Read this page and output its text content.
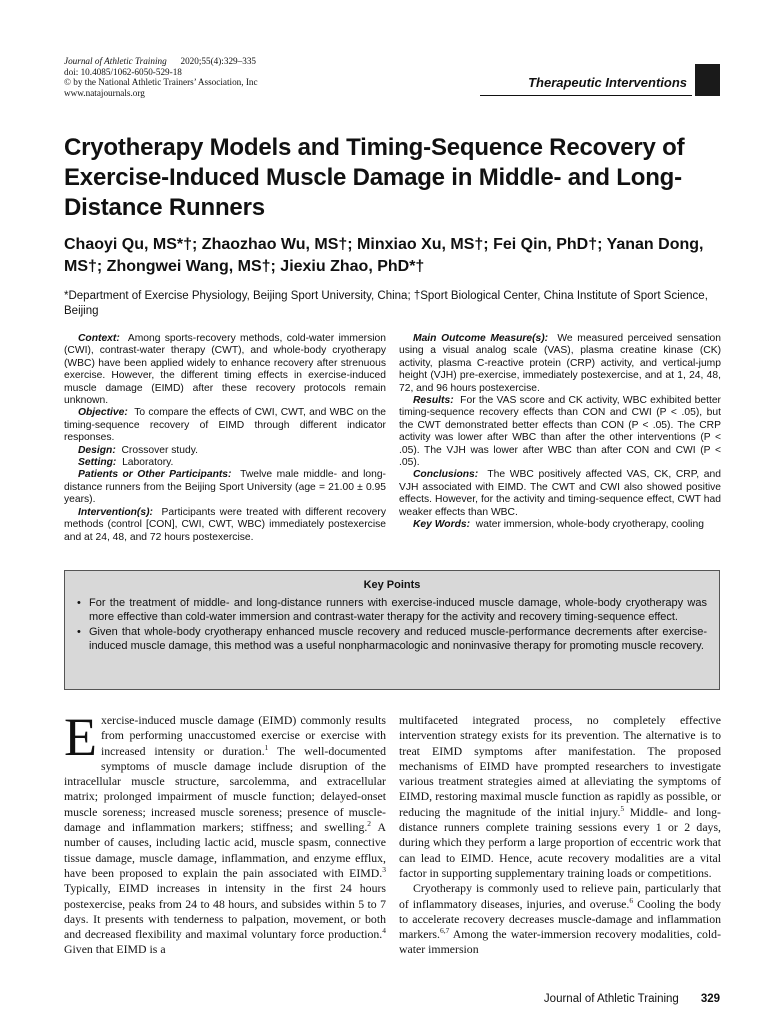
Journal of Athletic Training 2020;55(4):329–335
doi: 10.4085/1062-6050-529-18
© by the National Athletic Trainers’ Association, Inc
www.natajournals.org
Therapeutic Interventions
Cryotherapy Models and Timing-Sequence Recovery of Exercise-Induced Muscle Damage in Middle- and Long-Distance Runners
Chaoyi Qu, MS*†; Zhaozhao Wu, MS†; Minxiao Xu, MS†; Fei Qin, PhD†; Yanan Dong, MS†; Zhongwei Wang, MS†; Jiexiu Zhao, PhD*†
*Department of Exercise Physiology, Beijing Sport University, China; †Sport Biological Center, China Institute of Sport Science, Beijing

Context: Among sports-recovery methods, cold-water immersion (CWI), contrast-water therapy (CWT), and whole-body cryotherapy (WBC) have been applied widely to enhance recovery after strenuous exercise. However, the different timing effects in exercise-induced muscle damage (EIMD) after these recovery protocols remain unknown.

Objective: To compare the effects of CWI, CWT, and WBC on the timing-sequence recovery of EIMD through different indicator responses.

Design: Crossover study.

Setting: Laboratory.

Patients or Other Participants: Twelve male middle- and long-distance runners from the Beijing Sport University (age = 21.00 ± 0.95 years).

Intervention(s): Participants were treated with different recovery methods (control [CON], CWI, CWT, WBC) immediately postexercise and at 24, 48, and 72 hours postexercise.

Main Outcome Measure(s): We measured perceived sensation using a visual analog scale (VAS), plasma creatine kinase (CK) activity, plasma C-reactive protein (CRP) activity, and vertical-jump height (VJH) pre-exercise, immediately postexercise, and at 1, 24, 48, 72, and 96 hours postexercise.

Results: For the VAS score and CK activity, WBC exhibited better timing-sequence recovery effects than CON and CWI (P < .05), but the CWT demonstrated better effects than CON (P < .05). The CRP activity was lower after WBC than after the other interventions (P < .05). The VJH was lower after WBC than after CON and CWI (P < .05).

Conclusions: The WBC positively affected VAS, CK, CRP, and VJH associated with EIMD. The CWT and CWI also showed positive effects. However, for the activity and timing-sequence effect, CWT had weaker effects than WBC.

Key Words: water immersion, whole-body cryotherapy, cooling

Key Points
• For the treatment of middle- and long-distance runners with exercise-induced muscle damage, whole-body cryotherapy was more effective than cold-water immersion and contrast-water therapy for the activity and recovery timing-sequence effect.
• Given that whole-body cryotherapy enhanced muscle recovery and reduced muscle-performance decrements after exercise-induced muscle damage, this method was a useful nonpharmacologic and noninvasive therapy for promoting muscle recovery.

Exercise-induced muscle damage (EIMD) commonly results from performing unaccustomed exercise or exercise with increased intensity or duration.$^1$ The well-documented symptoms of muscle damage include disruption of the intracellular muscle structure, sarcolemma, and extracellular matrix; prolonged impairment of muscle function; delayed-onset muscle soreness; increased muscle soreness; presence of muscle-damage and inflammation markers; stiffness; and swelling.$^2$ A number of causes, including lactic acid, muscle spasm, connective tissue damage, muscle damage, inflammation, and enzyme efflux, have been proposed to explain the pain associated with EIMD.$^3$ Typically, EIMD increases in intensity in the first 24 hours postexercise, peaks from 24 to 48 hours, and subsides within 5 to 7 days. It presents with tenderness to palpation, movement, or both and decreased flexibility and maximal voluntary force production.$^4$ Given that EIMD is a

multifaceted integrated process, no completely effective intervention strategy exists for its prevention. The alternative is to treat EIMD symptoms after manifestation. The proposed mechanisms of EIMD have prompted researchers to investigate various treatment strategies aimed at alleviating the symptoms of EIMD, restoring maximal muscle function as rapidly as possible, or reducing the magnitude of the initial injury.$^5$ Middle- and long-distance runners complete training sessions every 1 or 2 days, during which they perform a large proportion of eccentric work that can lead to EIMD. Hence, acute recovery modalities are a vital factor in supporting supplementary training loads or competitions.

Cryotherapy is commonly used to relieve pain, particularly that of inflammatory diseases, injuries, and overuse.$^6$ Cooling the body to accelerate recovery decreases muscle-damage and inflammation markers.$^{6,7}$ Among the water-immersion recovery modalities, cold-water immersion

Journal of Athletic Training 329
